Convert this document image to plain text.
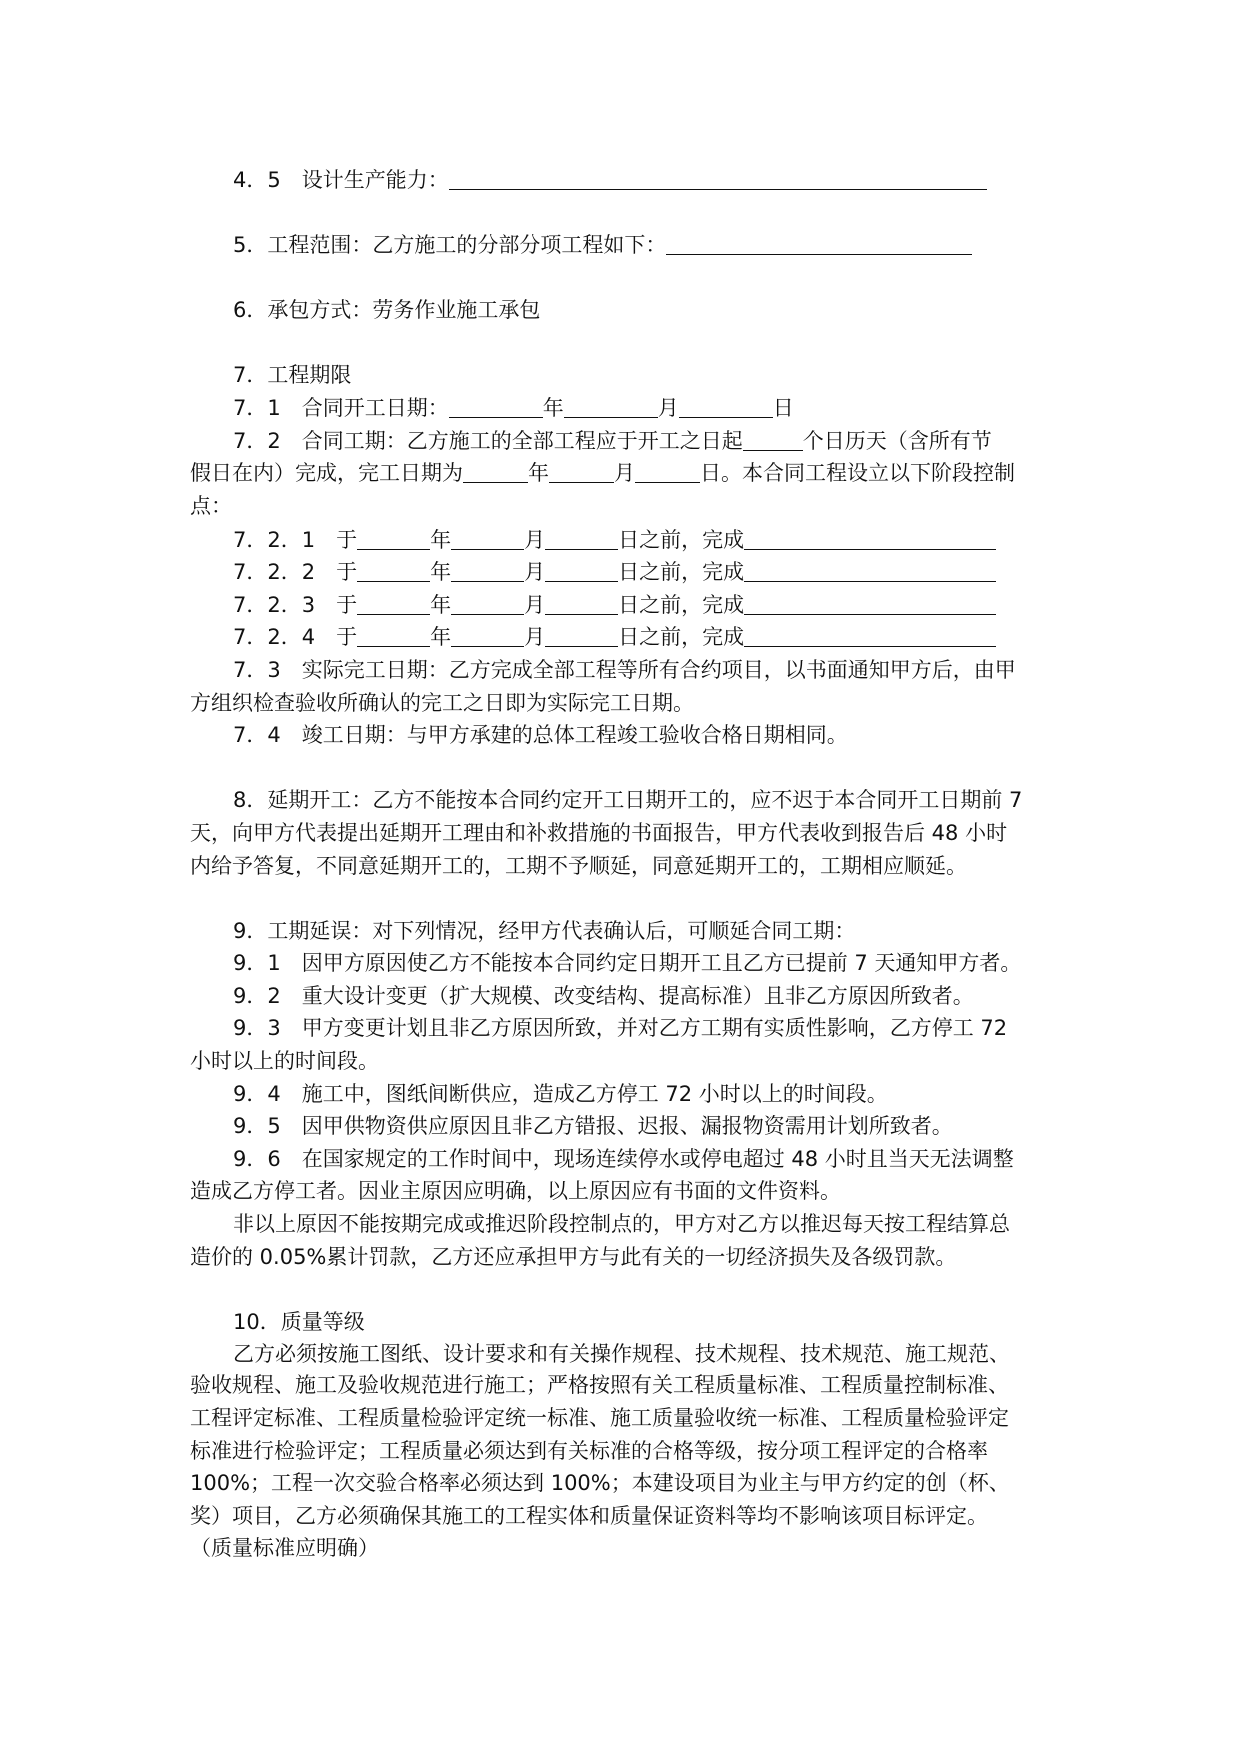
4．5　设计生产能力：
5．工程范围：乙方施工的分部分项工程如下：
6．承包方式：劳务作业施工承包
7．工程期限
7．1　合同开工日期：	年	月	日
7．2　合同工期：乙方施工的全部工程应于开工之日起	个日历天（含所有节
假日在内）完成，完工日期为	年	月	日。本合同工程设立以下阶段控制
点：
7．2．1　于	年	月	日之前，完成
7．2．2　于	年	月	日之前，完成
7．2．3　于	年	月	日之前，完成
7．2．4　于	年	月	日之前，完成
7．3　实际完工日期：乙方完成全部工程等所有合约项目，以书面通知甲方后，由甲
方组织检查验收所确认的完工之日即为实际完工日期。
7．4　竣工日期：与甲方承建的总体工程竣工验收合格日期相同。
8．延期开工：乙方不能按本合同约定开工日期开工的，应不迟于本合同开工日期前 7
天，向甲方代表提出延期开工理由和补救措施的书面报告，甲方代表收到报告后 48 小时
内给予答复，不同意延期开工的，工期不予顺延，同意延期开工的，工期相应顺延。
9．工期延误：对下列情况，经甲方代表确认后，可顺延合同工期：
9．1　因甲方原因使乙方不能按本合同约定日期开工且乙方已提前 7 天通知甲方者。
9．2　重大设计变更（扩大规模、改变结构、提高标准）且非乙方原因所致者。
9．3　甲方变更计划且非乙方原因所致，并对乙方工期有实质性影响，乙方停工 72
小时以上的时间段。
9．4　施工中，图纸间断供应，造成乙方停工 72 小时以上的时间段。
9．5　因甲供物资供应原因且非乙方错报、迟报、漏报物资需用计划所致者。
9．6　在国家规定的工作时间中，现场连续停水或停电超过 48 小时且当天无法调整
造成乙方停工者。因业主原因应明确，以上原因应有书面的文件资料。
非以上原因不能按期完成或推迟阶段控制点的，甲方对乙方以推迟每天按工程结算总
造价的 0.05%累计罚款，乙方还应承担甲方与此有关的一切经济损失及各级罚款。
10．质量等级
乙方必须按施工图纸、设计要求和有关操作规程、技术规程、技术规范、施工规范、
验收规程、施工及验收规范进行施工；严格按照有关工程质量标准、工程质量控制标准、
工程评定标准、工程质量检验评定统一标准、施工质量验收统一标准、工程质量检验评定
标准进行检验评定；工程质量必须达到有关标准的合格等级，按分项工程评定的合格率
100%；工程一次交验合格率必须达到 100%；本建设项目为业主与甲方约定的创（杯、
奖）项目，乙方必须确保其施工的工程实体和质量保证资料等均不影响该项目标评定。
（质量标准应明确）
